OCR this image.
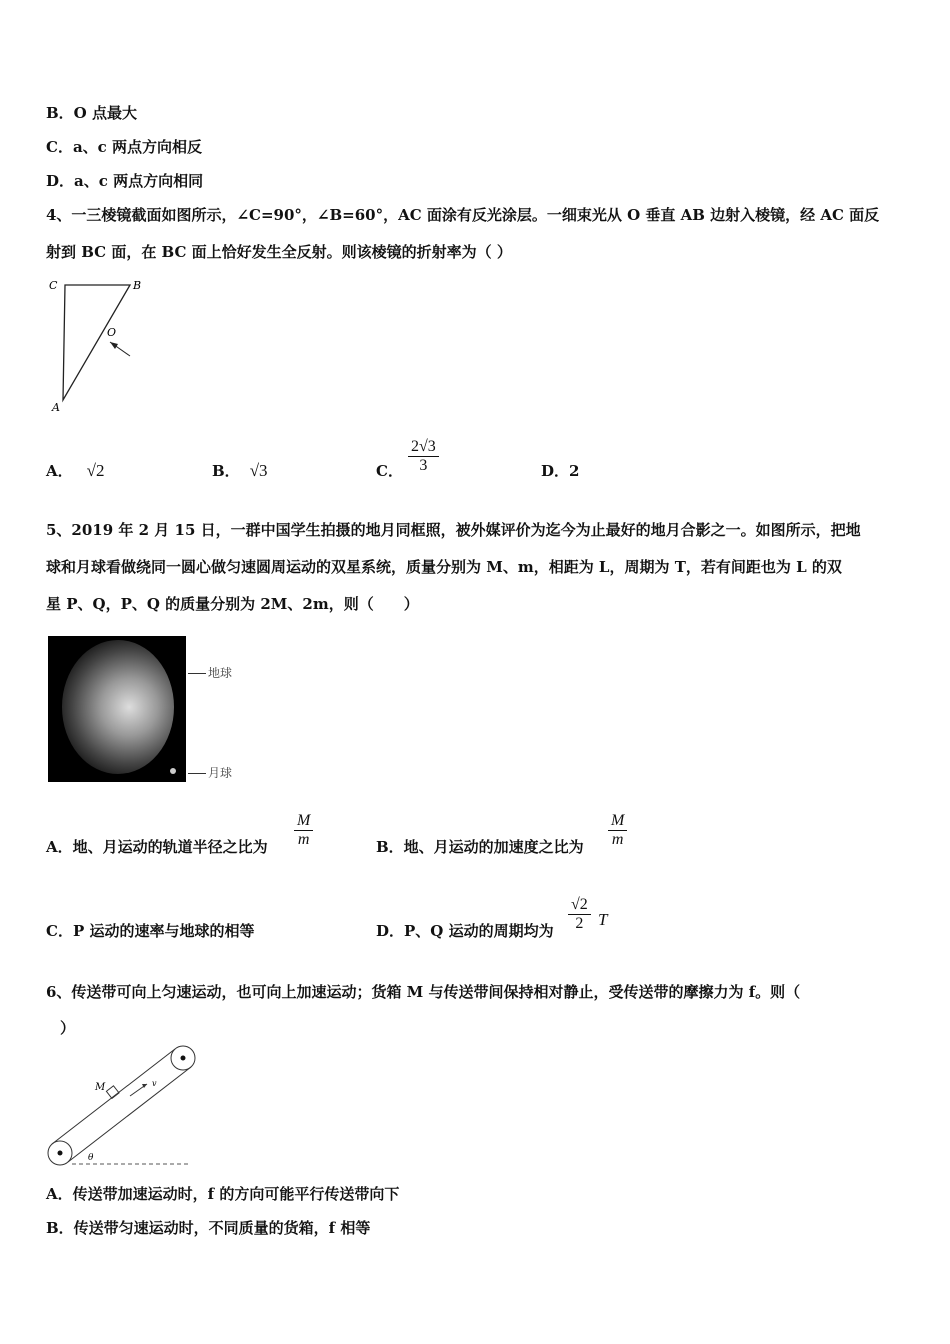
B．O 点最大
C．a、c 两点方向相反
D．a、c 两点方向相同
4、一三棱镜截面如图所示，∠C=90°，∠B=60°，AC 面涂有反光涂层。一细束光从 O 垂直 AB 边射入棱镜，经 AC 面反
射到 BC 面，在 BC 面上恰好发生全反射。则该棱镜的折射率为（ ）
C	B
O
A
A． √2	B． √3	C． $\frac{2√3}{3}$	D．2
5、2019 年 2 月 15 日，一群中国学生拍摄的地月同框照，被外媒评价为迄今为止最好的地月合影之一。如图所示，把地
球和月球看做绕同一圆心做匀速圆周运动的双星系统，质量分别为 M、m，相距为 L，周期为 T，若有间距也为 L 的双
星 P、Q，P、Q 的质量分别为 2M、2m，则（　　）
地球
月球
A．地、月运动的轨道半径之比为 $\frac{M}{m}$	B．地、月运动的加速度之比为 $\frac{M}{m}$
C．P 运动的速率与地球的相等	D．P、Q 运动的周期均为 $\frac{√2}{2}$ T
6、传送带可向上匀速运动，也可向上加速运动；货箱 M 与传送带间保持相对静止，受传送带的摩擦力为 f。则（
）
M	v
θ
A．传送带加速运动时，f 的方向可能平行传送带向下
B．传送带匀速运动时，不同质量的货箱，f 相等
